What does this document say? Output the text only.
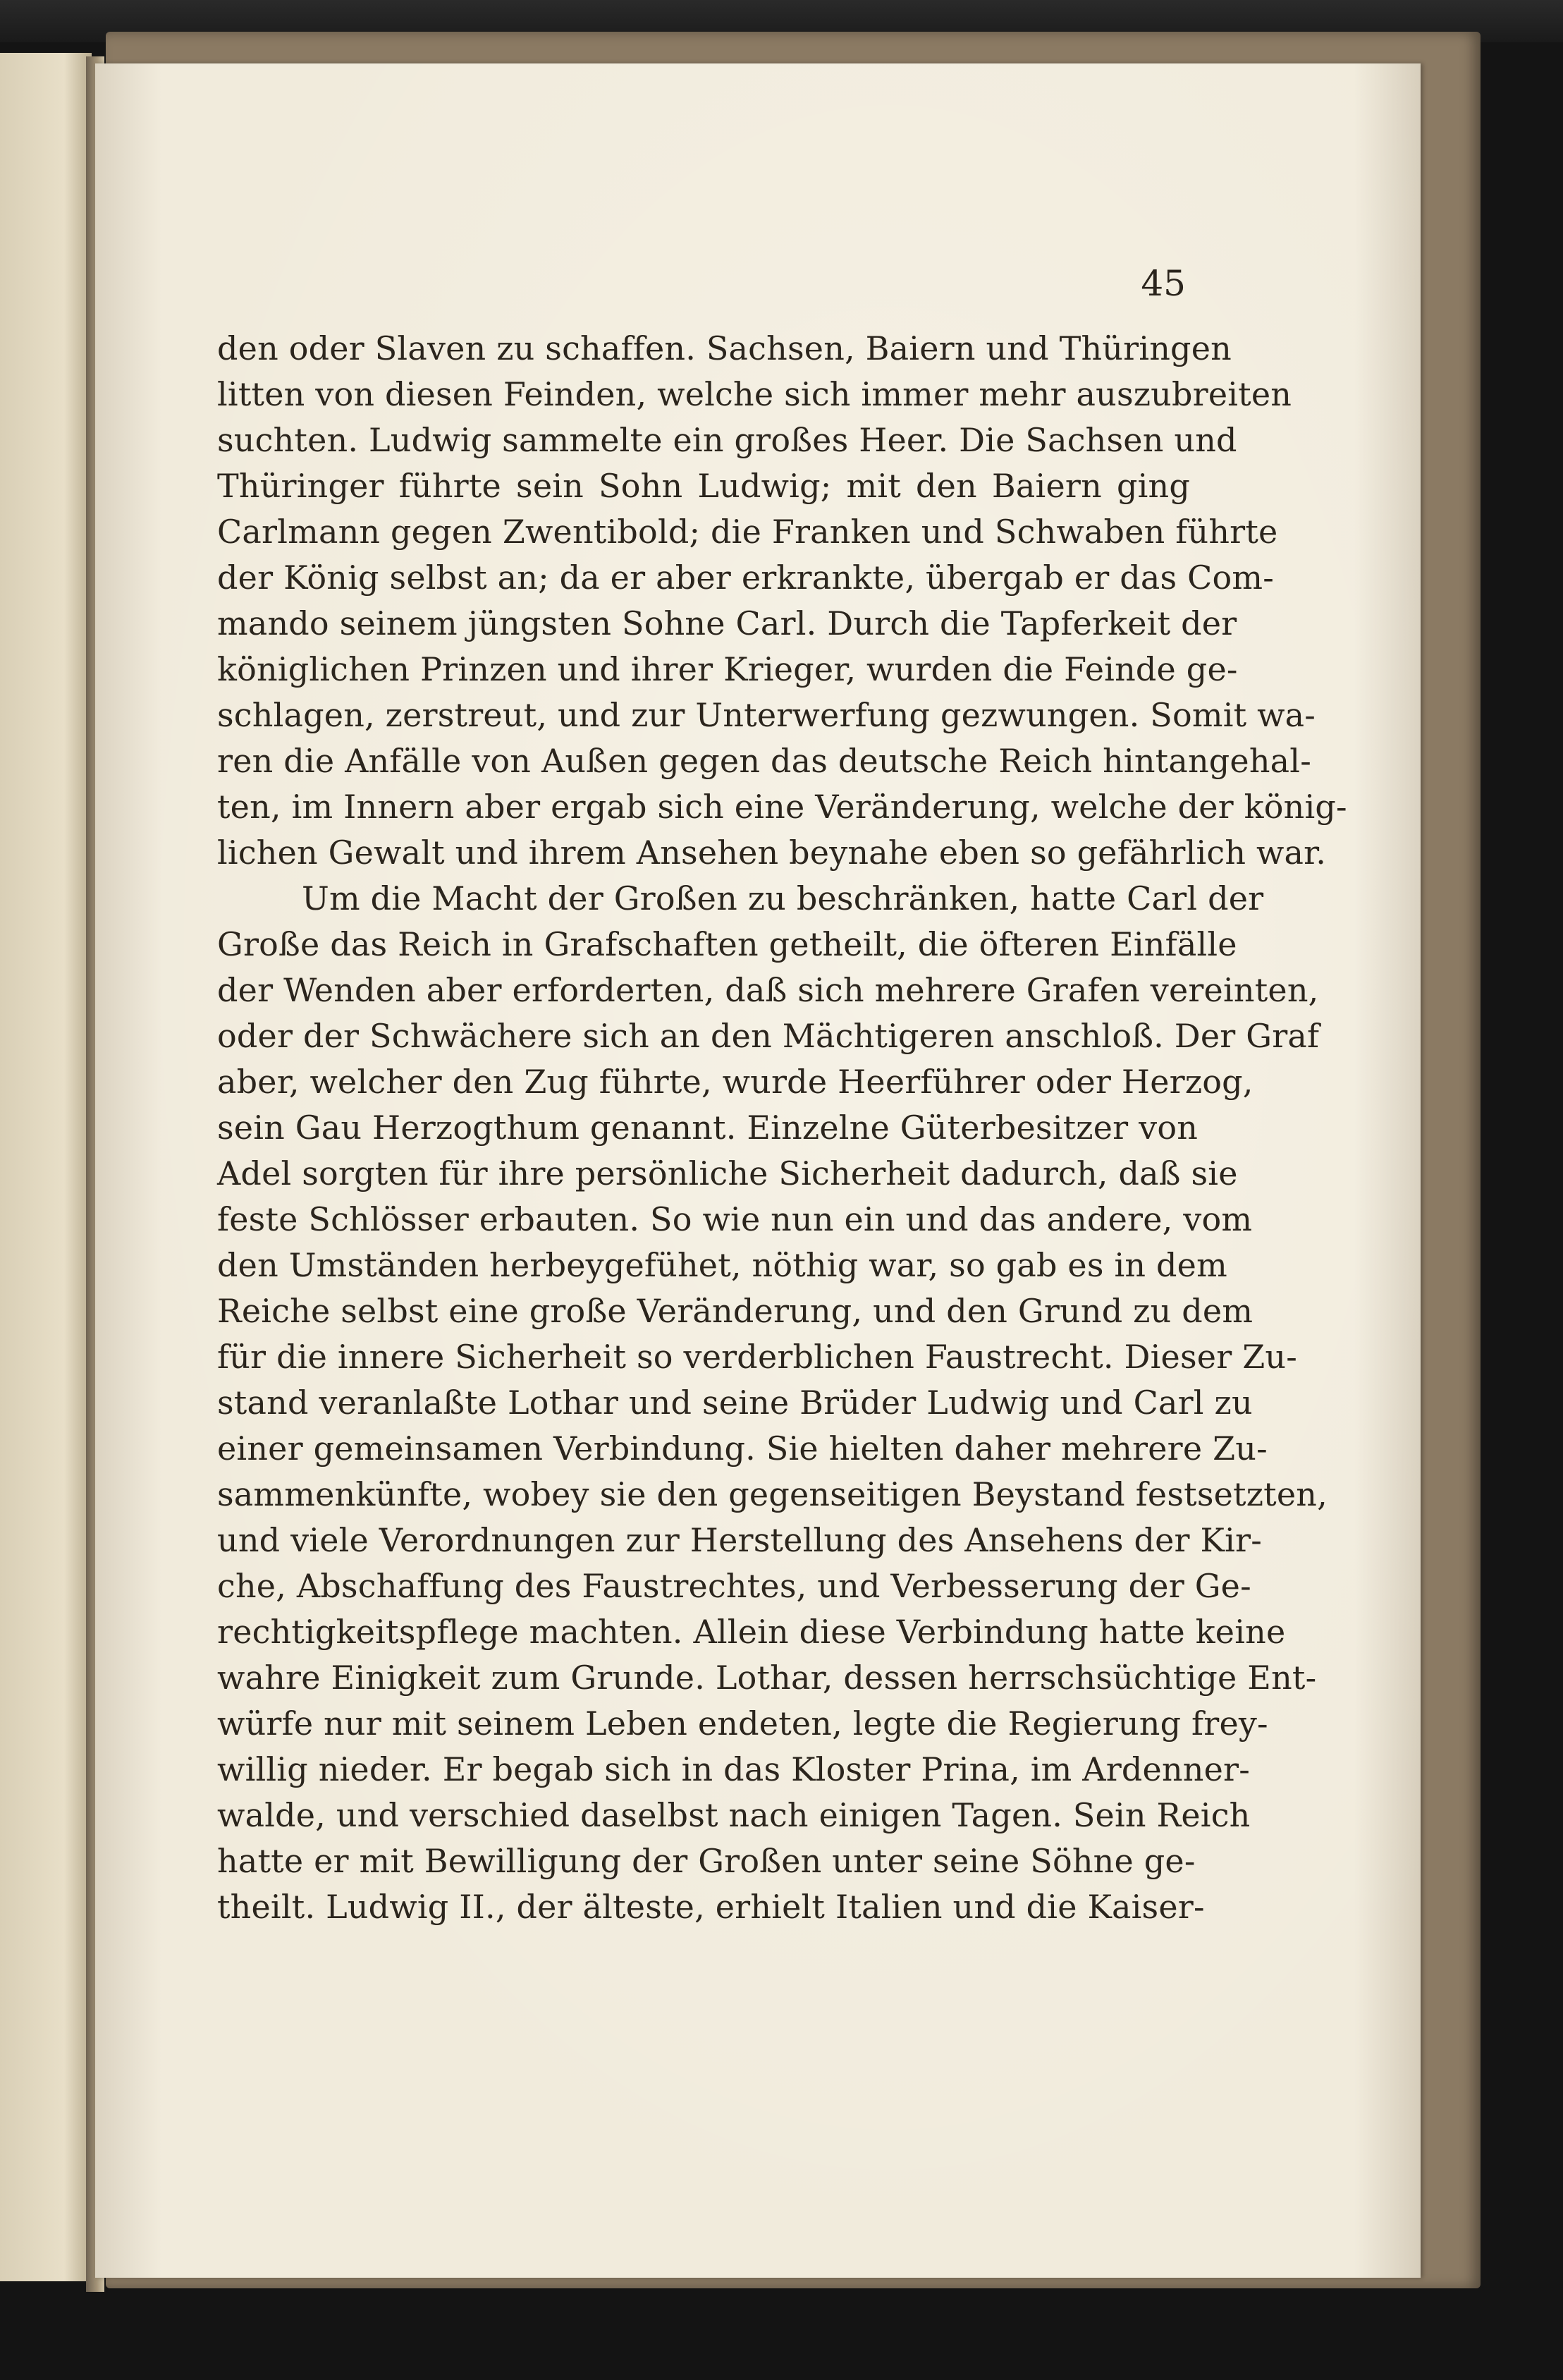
45
den oder Slaven zu schaffen. Sachsen, Baiern und Thüringen
litten von diesen Feinden, welche sich immer mehr auszubreiten
suchten. Ludwig sammelte ein großes Heer. Die Sachsen und
Thüringer führte sein Sohn Ludwig; mit den Baiern ging
Carlmann gegen Zwentibold; die Franken und Schwaben führte
der König selbst an; da er aber erkrankte, übergab er das Com-
mando seinem jüngsten Sohne Carl. Durch die Tapferkeit der
königlichen Prinzen und ihrer Krieger, wurden die Feinde ge-
schlagen, zerstreut, und zur Unterwerfung gezwungen. Somit wa-
ren die Anfälle von Außen gegen das deutsche Reich hintangehal-
ten, im Innern aber ergab sich eine Veränderung, welche der könig-
lichen Gewalt und ihrem Ansehen beynahe eben so gefährlich war.
Um die Macht der Großen zu beschränken, hatte Carl der
Große das Reich in Grafschaften getheilt, die öfteren Einfälle
der Wenden aber erforderten, daß sich mehrere Grafen vereinten,
oder der Schwächere sich an den Mächtigeren anschloß. Der Graf
aber, welcher den Zug führte, wurde Heerführer oder Herzog,
sein Gau Herzogthum genannt. Einzelne Güterbesitzer von
Adel sorgten für ihre persönliche Sicherheit dadurch, daß sie
feste Schlösser erbauten. So wie nun ein und das andere, vom
den Umständen herbeygefühet, nöthig war, so gab es in dem
Reiche selbst eine große Veränderung, und den Grund zu dem
für die innere Sicherheit so verderblichen Faustrecht. Dieser Zu-
stand veranlaßte Lothar und seine Brüder Ludwig und Carl zu
einer gemeinsamen Verbindung. Sie hielten daher mehrere Zu-
sammenkünfte, wobey sie den gegenseitigen Beystand festsetzten,
und viele Verordnungen zur Herstellung des Ansehens der Kir-
che, Abschaffung des Faustrechtes, und Verbesserung der Ge-
rechtigkeitspflege machten. Allein diese Verbindung hatte keine
wahre Einigkeit zum Grunde. Lothar, dessen herrschsüchtige Ent-
würfe nur mit seinem Leben endeten, legte die Regierung frey-
willig nieder. Er begab sich in das Kloster Prina, im Ardenner-
walde, und verschied daselbst nach einigen Tagen. Sein Reich
hatte er mit Bewilligung der Großen unter seine Söhne ge-
theilt. Ludwig II., der älteste, erhielt Italien und die Kaiser-
